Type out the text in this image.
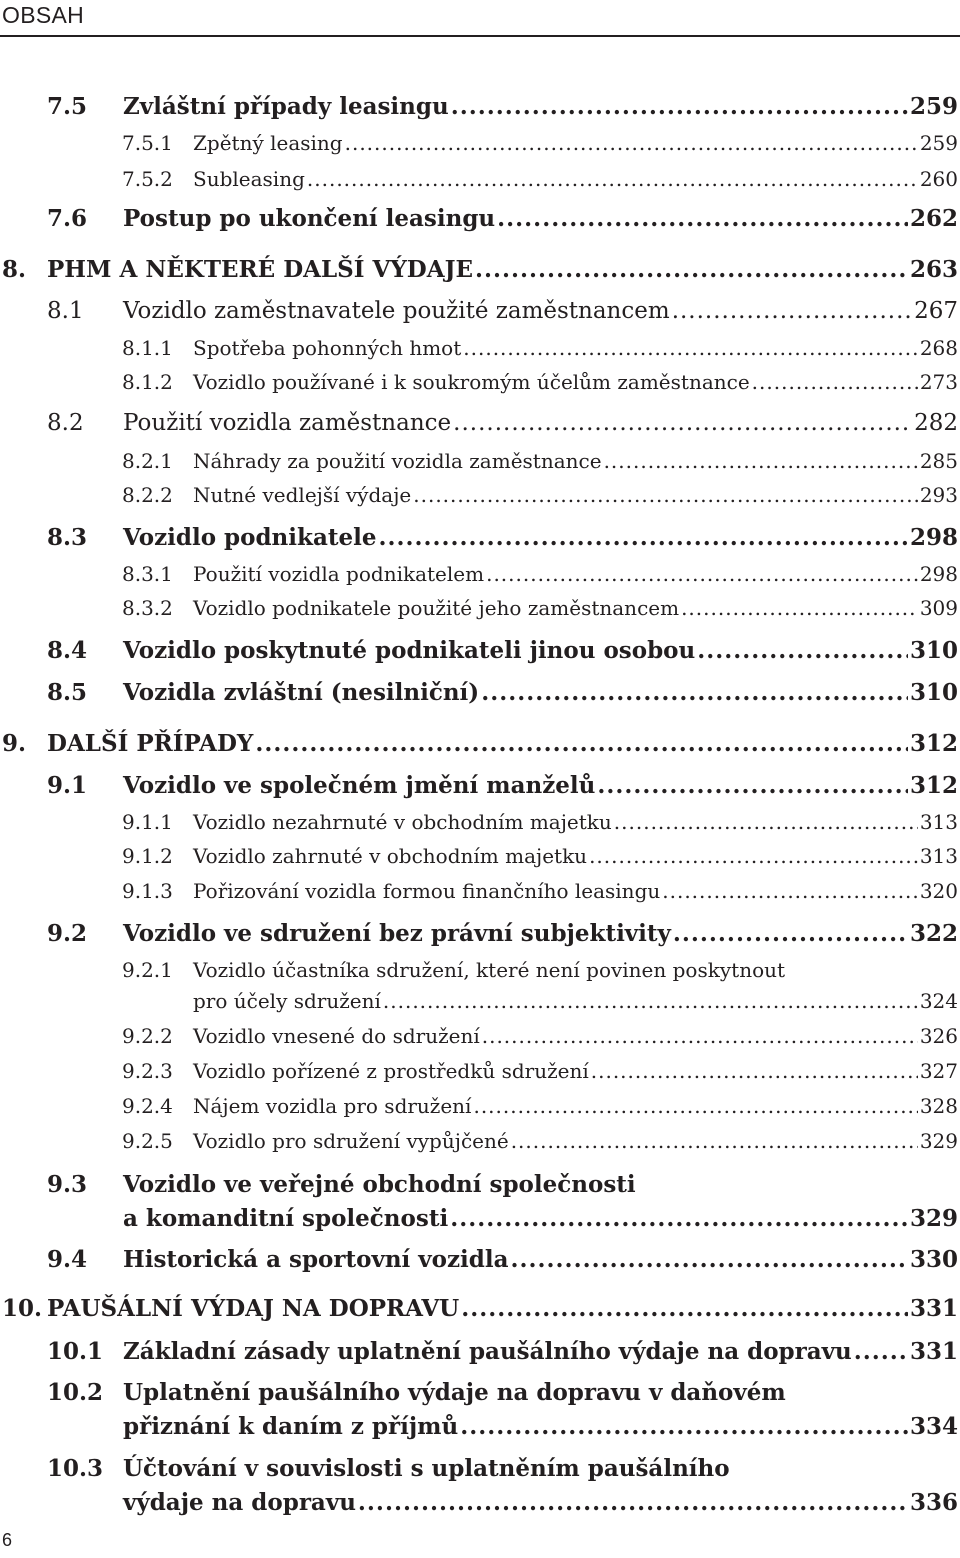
OBSAH
7.5 Zvláštní případy leasingu .....	259
7.5.1 Zpětný leasing .....	259
7.5.2 Subleasing .....	260
7.6 Postup po ukončení leasingu .....	262
8. PHM A NĚKTERÉ DALŠÍ VÝDAJE .....	263
8.1 Vozidlo zaměstnavatele použité zaměstnancem .....	267
8.1.1 Spotřeba pohonných hmot .....	268
8.1.2 Vozidlo používané i k soukromým účelům zaměstnance .....	273
8.2 Použití vozidla zaměstnance .....	282
8.2.1 Náhrady za použití vozidla zaměstnance .....	285
8.2.2 Nutné vedlejší výdaje .....	293
8.3 Vozidlo podnikatele .....	298
8.3.1 Použití vozidla podnikatelem .....	298
8.3.2 Vozidlo podnikatele použité jeho zaměstnancem .....	309
8.4 Vozidlo poskytnuté podnikateli jinou osobou .....	310
8.5 Vozidla zvláštní (nesilniční) .....	310
9. DALŠÍ PŘÍPADY .....	312
9.1 Vozidlo ve společném jmění manželů .....	312
9.1.1 Vozidlo nezahrnuté v obchodním majetku .....	313
9.1.2 Vozidlo zahrnuté v obchodním majetku .....	313
9.1.3 Pořizování vozidla formou finančního leasingu .....	320
9.2 Vozidlo ve sdružení bez právní subjektivity .....	322
9.2.1 Vozidlo účastníka sdružení, které není povinen poskytnout
pro účely sdružení .....	324
9.2.2 Vozidlo vnesené do sdružení .....	326
9.2.3 Vozidlo pořízené z prostředků sdružení .....	327
9.2.4 Nájem vozidla pro sdružení .....	328
9.2.5 Vozidlo pro sdružení vypůjčené .....	329
9.3 Vozidlo ve veřejné obchodní společnosti
a komanditní společnosti .....	329
9.4 Historická a sportovní vozidla .....	330
10. PAUŠÁLNÍ VÝDAJ NA DOPRAVU .....	331
10.1 Základní zásady uplatnění paušálního výdaje na dopravu .....	331
10.2 Uplatnění paušálního výdaje na dopravu v daňovém
přiznání k daním z příjmů .....	334
10.3 Účtování v souvislosti s uplatněním paušálního
výdaje na dopravu .....	336
6
